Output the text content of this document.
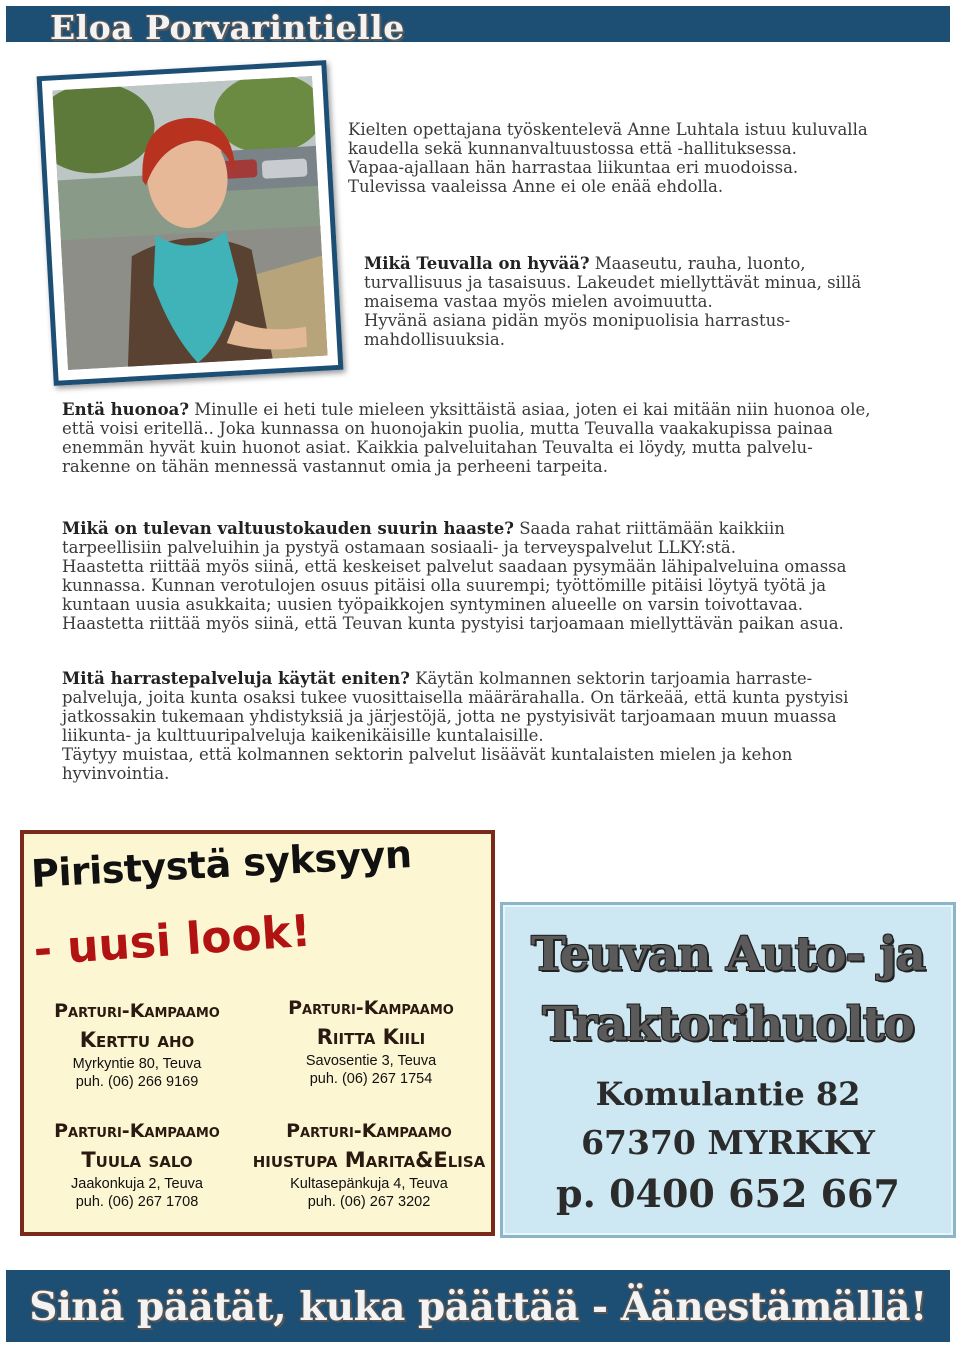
Eloa Porvarintielle
Kielten opettajana työskentelevä Anne Luhtala istuu kuluvalla
kaudella sekä kunnanvaltuustossa että -hallituksessa.
Vapaa-ajallaan hän harrastaa liikuntaa eri muodoissa.
Tulevissa vaaleissa Anne ei ole enää ehdolla.
Mikä Teuvalla on hyvää? Maaseutu, rauha, luonto,
turvallisuus ja tasaisuus. Lakeudet miellyttävät minua, sillä
maisema vastaa myös mielen avoimuutta.
Hyvänä asiana pidän myös monipuolisia harrastus-
mahdollisuuksia.
Entä huonoa? Minulle ei heti tule mieleen yksittäistä asiaa, joten ei kai mitään niin huonoa ole,
että voisi eritellä.. Joka kunnassa on huonojakin puolia, mutta Teuvalla vaakakupissa painaa
enemmän hyvät kuin huonot asiat. Kaikkia palveluitahan Teuvalta ei löydy, mutta palvelu-
rakenne on tähän mennessä vastannut omia ja perheeni tarpeita.
Mikä on tulevan valtuustokauden suurin haaste? Saada rahat riittämään kaikkiin
tarpeellisiin palveluihin ja pystyä ostamaan sosiaali- ja terveyspalvelut LLKY:stä.
Haastetta riittää myös siinä, että keskeiset palvelut saadaan pysymään lähipalveluina omassa
kunnassa. Kunnan verotulojen osuus pitäisi olla suurempi; työttömille pitäisi löytyä työtä ja
kuntaan uusia asukkaita; uusien työpaikkojen syntyminen alueelle on varsin toivottavaa.
Haastetta riittää myös siinä, että Teuvan kunta pystyisi tarjoamaan miellyttävän paikan asua.
Mitä harrastepalveluja käytät eniten? Käytän kolmannen sektorin tarjoamia harraste-
palveluja, joita kunta osaksi tukee vuosittaisella määrärahalla. On tärkeää, että kunta pystyisi
jatkossakin tukemaan yhdistyksiä ja järjestöjä, jotta ne pystyisivät tarjoamaan muun muassa
liikunta- ja kulttuuripalveluja kaikenikäisille kuntalaisille.
Täytyy muistaa, että kolmannen sektorin palvelut lisäävät kuntalaisten mielen ja kehon
hyvinvointia.
Piristystä syksyyn
- uusi look!
Parturi-Kampaamo
Kerttu aho
Myrkyntie 80, Teuva
puh. (06) 266 9169
Parturi-Kampaamo
Riitta Kiili
Savosentie 3, Teuva
puh. (06) 267 1754
Parturi-Kampaamo
Tuula salo
Jaakonkuja 2, Teuva
puh. (06) 267 1708
Parturi-Kampaamo
hiustupa Marita&Elisa
Kultasepänkuja 4, Teuva
puh. (06) 267 3202
Teuvan Auto- ja
Traktorihuolto
Komulantie 82
67370 MYRKKY
p. 0400 652 667
Sinä päätät, kuka päättää - Äänestämällä!
